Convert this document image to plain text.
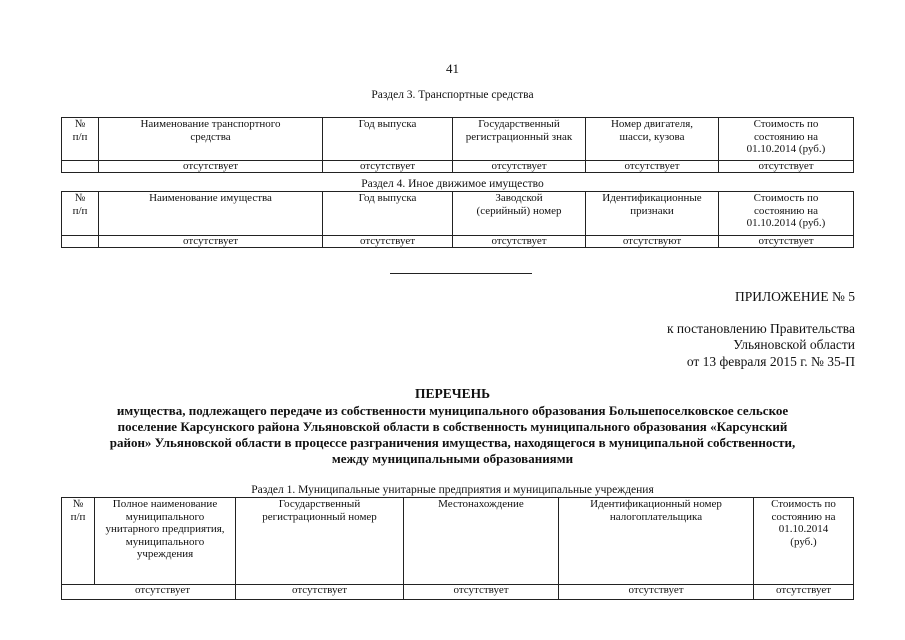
41
Раздел 3. Транспортные средства
№ п/п	Наименование транспортного средства	Год выпуска	Государственный регистрационный знак	Номер двигателя, шасси, кузова	Стоимость по состоянию на 01.10.2014 (руб.)
	отсутствует	отсутствует	отсутствует	отсутствует	отсутствует
Раздел 4. Иное движимое имущество
№ п/п	Наименование имущества	Год выпуска	Заводской (серийный) номер	Идентификационные признаки	Стоимость по состоянию на 01.10.2014 (руб.)
	отсутствует	отсутствует	отсутствует	отсутствуют	отсутствует
ПРИЛОЖЕНИЕ № 5
к постановлению Правительства
Ульяновской области
от 13 февраля 2015 г. № 35-П
ПЕРЕЧЕНЬ
имущества, подлежащего передаче из собственности муниципального образования Большепоселковское сельское
поселение Карсунского района Ульяновской области в собственность муниципального образования «Карсунский
район» Ульяновской области в процессе разграничения имущества, находящегося в муниципальной собственности,
между муниципальными образованиями
Раздел 1. Муниципальные унитарные предприятия и муниципальные учреждения
№ п/п	Полное наименование муниципального унитарного предприятия, муниципального учреждения	Государственный регистрационный номер	Местонахождение	Идентификационный номер налогоплательщика	Стоимость по состоянию на 01.10.2014 (руб.)
отсутствует		отсутствует	отсутствует	отсутствует	отсутствует
